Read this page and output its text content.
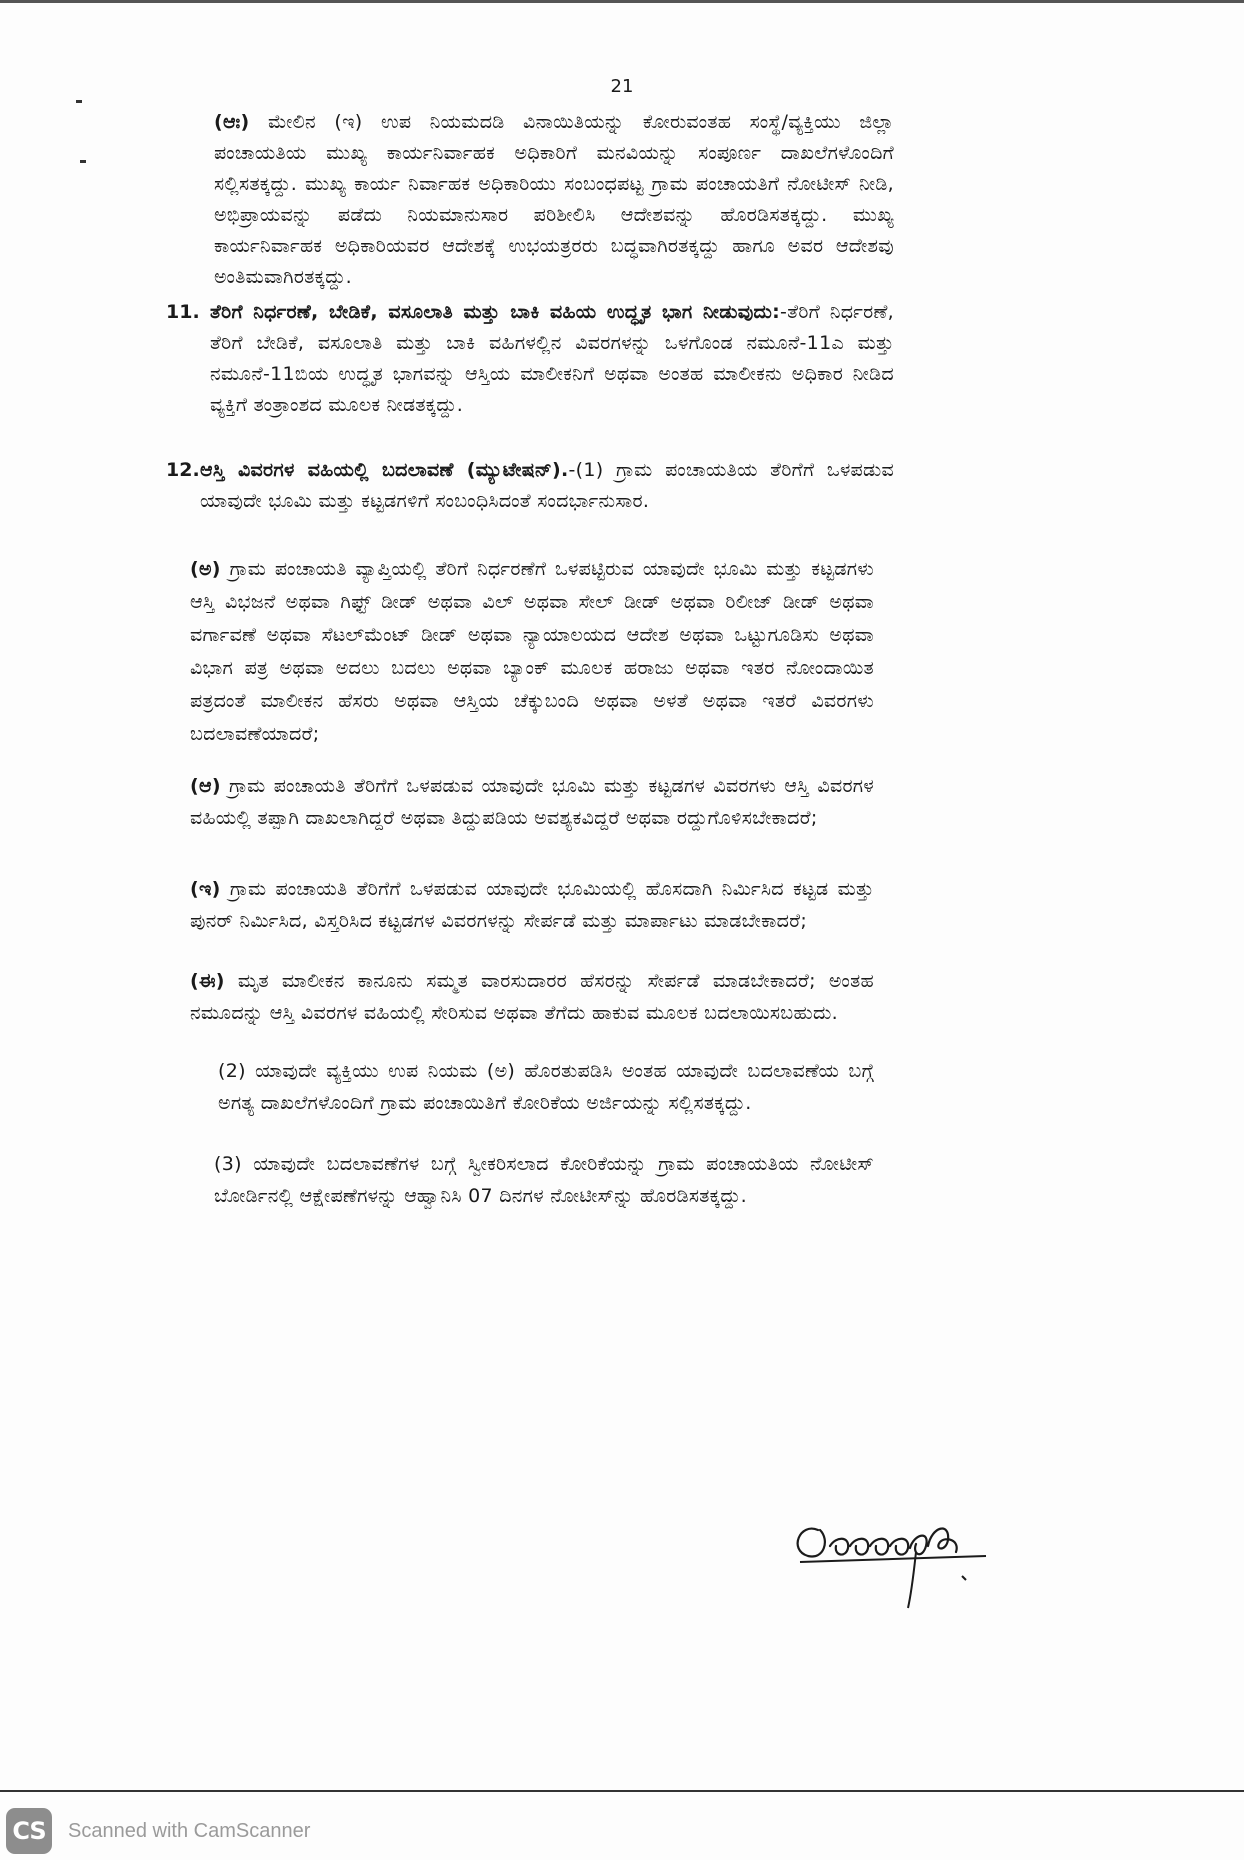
21
(ಆಃ) ಮೇಲಿನ (ಇ) ಉಪ ನಿಯಮದಡಿ ವಿನಾಯಿತಿಯನ್ನು ಕೋರುವಂತಹ ಸಂಸ್ಥೆ/ವ್ಯಕ್ತಿಯು ಜಿಲ್ಲಾ ಪಂಚಾಯತಿಯ ಮುಖ್ಯ ಕಾರ್ಯನಿರ್ವಾಹಕ ಅಧಿಕಾರಿಗೆ ಮನವಿಯನ್ನು ಸಂಪೂರ್ಣ ದಾಖಲೆಗಳೊಂದಿಗೆ ಸಲ್ಲಿಸತಕ್ಕದ್ದು. ಮುಖ್ಯ ಕಾರ್ಯ ನಿರ್ವಾಹಕ ಅಧಿಕಾರಿಯು ಸಂಬಂಧಪಟ್ಟ ಗ್ರಾಮ ಪಂಚಾಯತಿಗೆ ನೋಟೀಸ್ ನೀಡಿ, ಅಭಿಪ್ರಾಯವನ್ನು ಪಡೆದು ನಿಯಮಾನುಸಾರ ಪರಿಶೀಲಿಸಿ ಆದೇಶವನ್ನು ಹೊರಡಿಸತಕ್ಕದ್ದು. ಮುಖ್ಯ ಕಾರ್ಯನಿರ್ವಾಹಕ ಅಧಿಕಾರಿಯವರ ಆದೇಶಕ್ಕೆ ಉಭಯತ್ರರರು ಬದ್ಧವಾಗಿರತಕ್ಕದ್ದು ಹಾಗೂ ಅವರ ಆದೇಶವು ಅಂತಿಮವಾಗಿರತಕ್ಕದ್ದು.
11. ತೆರಿಗೆ ನಿರ್ಧರಣೆ, ಬೇಡಿಕೆ, ವಸೂಲಾತಿ ಮತ್ತು ಬಾಕಿ ವಹಿಯ ಉದ್ಧೃತ ಭಾಗ ನೀಡುವುದು:-ತೆರಿಗೆ ನಿರ್ಧರಣೆ, ತೆರಿಗೆ ಬೇಡಿಕೆ, ವಸೂಲಾತಿ ಮತ್ತು ಬಾಕಿ ವಹಿಗಳಲ್ಲಿನ ವಿವರಗಳನ್ನು ಒಳಗೊಂಡ ನಮೂನೆ-11ಎ ಮತ್ತು ನಮೂನೆ-11ಬಿಯ ಉದ್ಧೃತ ಭಾಗವನ್ನು ಆಸ್ತಿಯ ಮಾಲೀಕನಿಗೆ ಅಥವಾ ಅಂತಹ ಮಾಲೀಕನು ಅಧಿಕಾರ ನೀಡಿದ ವ್ಯಕ್ತಿಗೆ ತಂತ್ರಾಂಶದ ಮೂಲಕ ನೀಡತಕ್ಕದ್ದು.
12. ಆಸ್ತಿ ವಿವರಗಳ ವಹಿಯಲ್ಲಿ ಬದಲಾವಣೆ (ಮ್ಯುಟೇಷನ್).-(1) ಗ್ರಾಮ ಪಂಚಾಯತಿಯ ತೆರಿಗೆಗೆ ಒಳಪಡುವ ಯಾವುದೇ ಭೂಮಿ ಮತ್ತು ಕಟ್ಟಡಗಳಿಗೆ ಸಂಬಂಧಿಸಿದಂತೆ ಸಂದರ್ಭಾನುಸಾರ.
(ಅ) ಗ್ರಾಮ ಪಂಚಾಯತಿ ವ್ಯಾಪ್ತಿಯಲ್ಲಿ ತೆರಿಗೆ ನಿರ್ಧರಣೆಗೆ ಒಳಪಟ್ಟಿರುವ ಯಾವುದೇ ಭೂಮಿ ಮತ್ತು ಕಟ್ಟಡಗಳು ಆಸ್ತಿ ವಿಭಜನೆ ಅಥವಾ ಗಿಫ್ಟ್ ಡೀಡ್ ಅಥವಾ ವಿಲ್ ಅಥವಾ ಸೇಲ್ ಡೀಡ್ ಅಥವಾ ರಿಲೀಜ್ ಡೀಡ್ ಅಥವಾ ವರ್ಗಾವಣೆ ಅಥವಾ ಸೆಟಲ್‌ಮೆಂಟ್ ಡೀಡ್ ಅಥವಾ ನ್ಯಾಯಾಲಯದ ಆದೇಶ ಅಥವಾ ಒಟ್ಟುಗೂಡಿಸು ಅಥವಾ ವಿಭಾಗ ಪತ್ರ ಅಥವಾ ಅದಲು ಬದಲು ಅಥವಾ ಬ್ಯಾಂಕ್ ಮೂಲಕ ಹರಾಜು ಅಥವಾ ಇತರ ನೋಂದಾಯಿತ ಪತ್ರದಂತೆ ಮಾಲೀಕನ ಹೆಸರು ಅಥವಾ ಆಸ್ತಿಯ ಚೆಕ್ಕುಬಂದಿ ಅಥವಾ ಅಳತೆ ಅಥವಾ ಇತರೆ ವಿವರಗಳು ಬದಲಾವಣೆಯಾದರೆ;
(ಆ) ಗ್ರಾಮ ಪಂಚಾಯತಿ ತೆರಿಗೆಗೆ ಒಳಪಡುವ ಯಾವುದೇ ಭೂಮಿ ಮತ್ತು ಕಟ್ಟಡಗಳ ವಿವರಗಳು ಆಸ್ತಿ ವಿವರಗಳ ವಹಿಯಲ್ಲಿ ತಪ್ಪಾಗಿ ದಾಖಲಾಗಿದ್ದರೆ ಅಥವಾ ತಿದ್ದುಪಡಿಯ ಅವಶ್ಯಕವಿದ್ದರೆ ಅಥವಾ ರದ್ದುಗೊಳಿಸಬೇಕಾದರೆ;
(ಇ) ಗ್ರಾಮ ಪಂಚಾಯತಿ ತೆರಿಗೆಗೆ ಒಳಪಡುವ ಯಾವುದೇ ಭೂಮಿಯಲ್ಲಿ ಹೊಸದಾಗಿ ನಿರ್ಮಿಸಿದ ಕಟ್ಟಡ ಮತ್ತು ಪುನರ್ ನಿರ್ಮಿಸಿದ, ವಿಸ್ತರಿಸಿದ ಕಟ್ಟಡಗಳ ವಿವರಗಳನ್ನು ಸೇರ್ಪಡೆ ಮತ್ತು ಮಾರ್ಪಾಟು ಮಾಡಬೇಕಾದರೆ;
(ಈ) ಮೃತ ಮಾಲೀಕನ ಕಾನೂನು ಸಮ್ಮತ ವಾರಸುದಾರರ ಹೆಸರನ್ನು ಸೇರ್ಪಡೆ ಮಾಡಬೇಕಾದರೆ; ಅಂತಹ ನಮೂದನ್ನು ಆಸ್ತಿ ವಿವರಗಳ ವಹಿಯಲ್ಲಿ ಸೇರಿಸುವ ಅಥವಾ ತೆಗೆದು ಹಾಕುವ ಮೂಲಕ ಬದಲಾಯಿಸಬಹುದು.
(2) ಯಾವುದೇ ವ್ಯಕ್ತಿಯು ಉಪ ನಿಯಮ (ಅ) ಹೊರತುಪಡಿಸಿ ಅಂತಹ ಯಾವುದೇ ಬದಲಾವಣೆಯ ಬಗ್ಗೆ ಅಗತ್ಯ ದಾಖಲೆಗಳೊಂದಿಗೆ ಗ್ರಾಮ ಪಂಚಾಯಿತಿಗೆ ಕೋರಿಕೆಯ ಅರ್ಜಿಯನ್ನು ಸಲ್ಲಿಸತಕ್ಕದ್ದು.
(3) ಯಾವುದೇ ಬದಲಾವಣೆಗಳ ಬಗ್ಗೆ ಸ್ವೀಕರಿಸಲಾದ ಕೋರಿಕೆಯನ್ನು ಗ್ರಾಮ ಪಂಚಾಯತಿಯ ನೋಟೀಸ್ ಬೋರ್ಡಿನಲ್ಲಿ ಆಕ್ಷೇಪಣೆಗಳನ್ನು ಆಹ್ವಾನಿಸಿ 07 ದಿನಗಳ ನೋಟೀಸ್‌ನ್ನು ಹೊರಡಿಸತಕ್ಕದ್ದು.
CS	Scanned with CamScanner
